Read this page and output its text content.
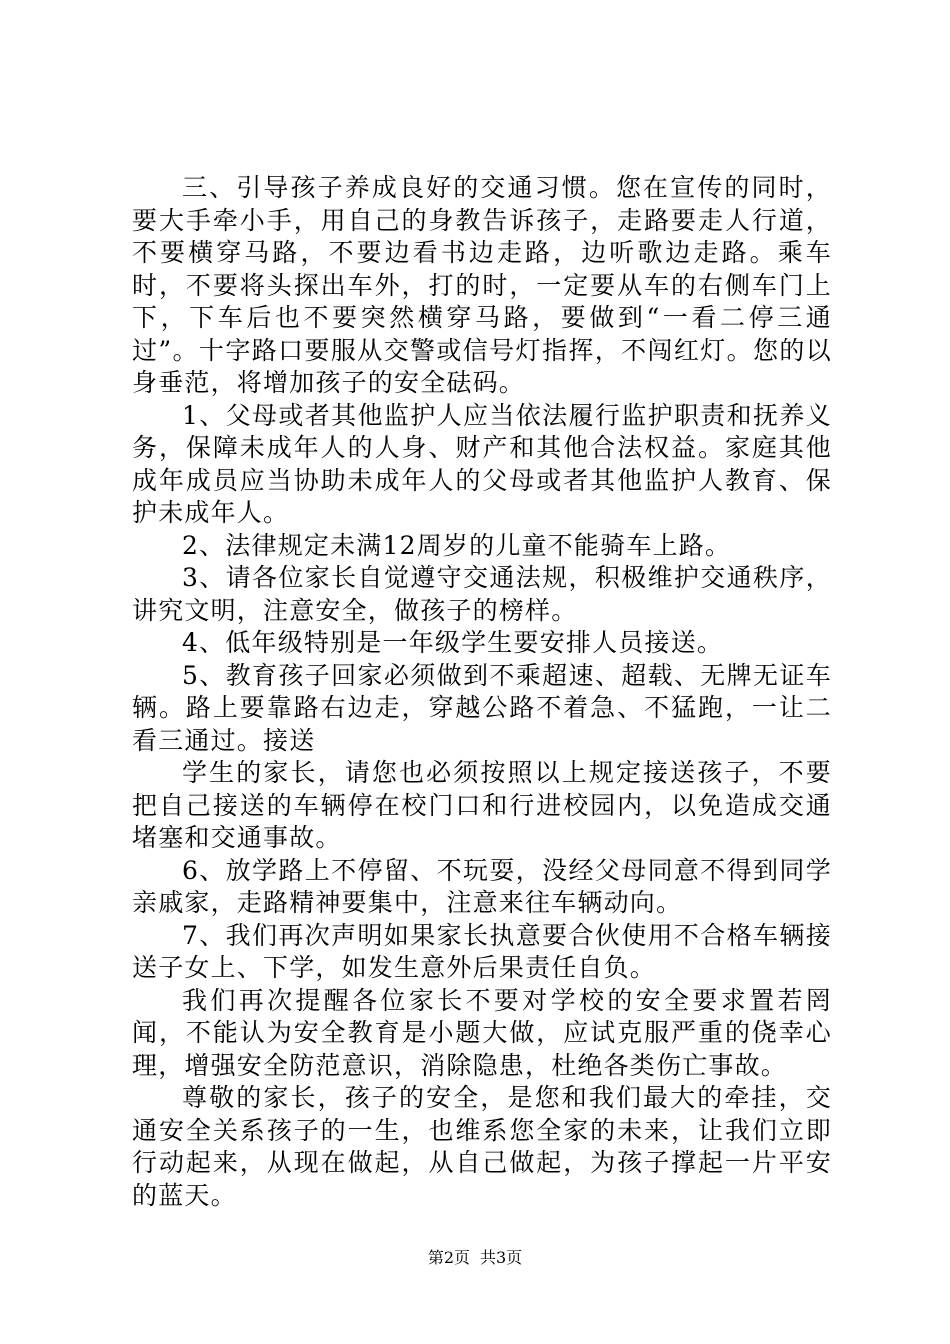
三、引导孩子养成良好的交通习惯。您在宣传的同时，要大手牵小手，用自己的身教告诉孩子，走路要走人行道，不要横穿马路，不要边看书边走路，边听歌边走路。乘车时，不要将头探出车外，打的时，一定要从车的右侧车门上下，下车后也不要突然横穿马路，要做到“一看二停三通过”。十字路口要服从交警或信号灯指挥，不闯红灯。您的以身垂范，将增加孩子的安全砝码。

1、父母或者其他监护人应当依法履行监护职责和抚养义务，保障未成年人的人身、财产和其他合法权益。家庭其他成年成员应当协助未成年人的父母或者其他监护人教育、保护未成年人。

2、法律规定未满12周岁的儿童不能骑车上路。

3、请各位家长自觉遵守交通法规，积极维护交通秩序，讲究文明，注意安全，做孩子的榜样。

4、低年级特别是一年级学生要安排人员接送。

5、教育孩子回家必须做到不乘超速、超载、无牌无证车辆。路上要靠路右边走，穿越公路不着急、不猛跑，一让二看三通过。接送

学生的家长，请您也必须按照以上规定接送孩子，不要把自己接送的车辆停在校门口和行进校园内，以免造成交通堵塞和交通事故。

6、放学路上不停留、不玩耍，没经父母同意不得到同学亲戚家，走路精神要集中，注意来往车辆动向。

7、我们再次声明如果家长执意要合伙使用不合格车辆接送子女上、下学，如发生意外后果责任自负。

我们再次提醒各位家长不要对学校的安全要求置若罔闻，不能认为安全教育是小题大做，应试克服严重的侥幸心理，增强安全防范意识，消除隐患，杜绝各类伤亡事故。

尊敬的家长，孩子的安全，是您和我们最大的牵挂，交通安全关系孩子的一生，也维系您全家的未来，让我们立即行动起来，从现在做起，从自己做起，为孩子撑起一片平安的蓝天。

第2页 共3页
